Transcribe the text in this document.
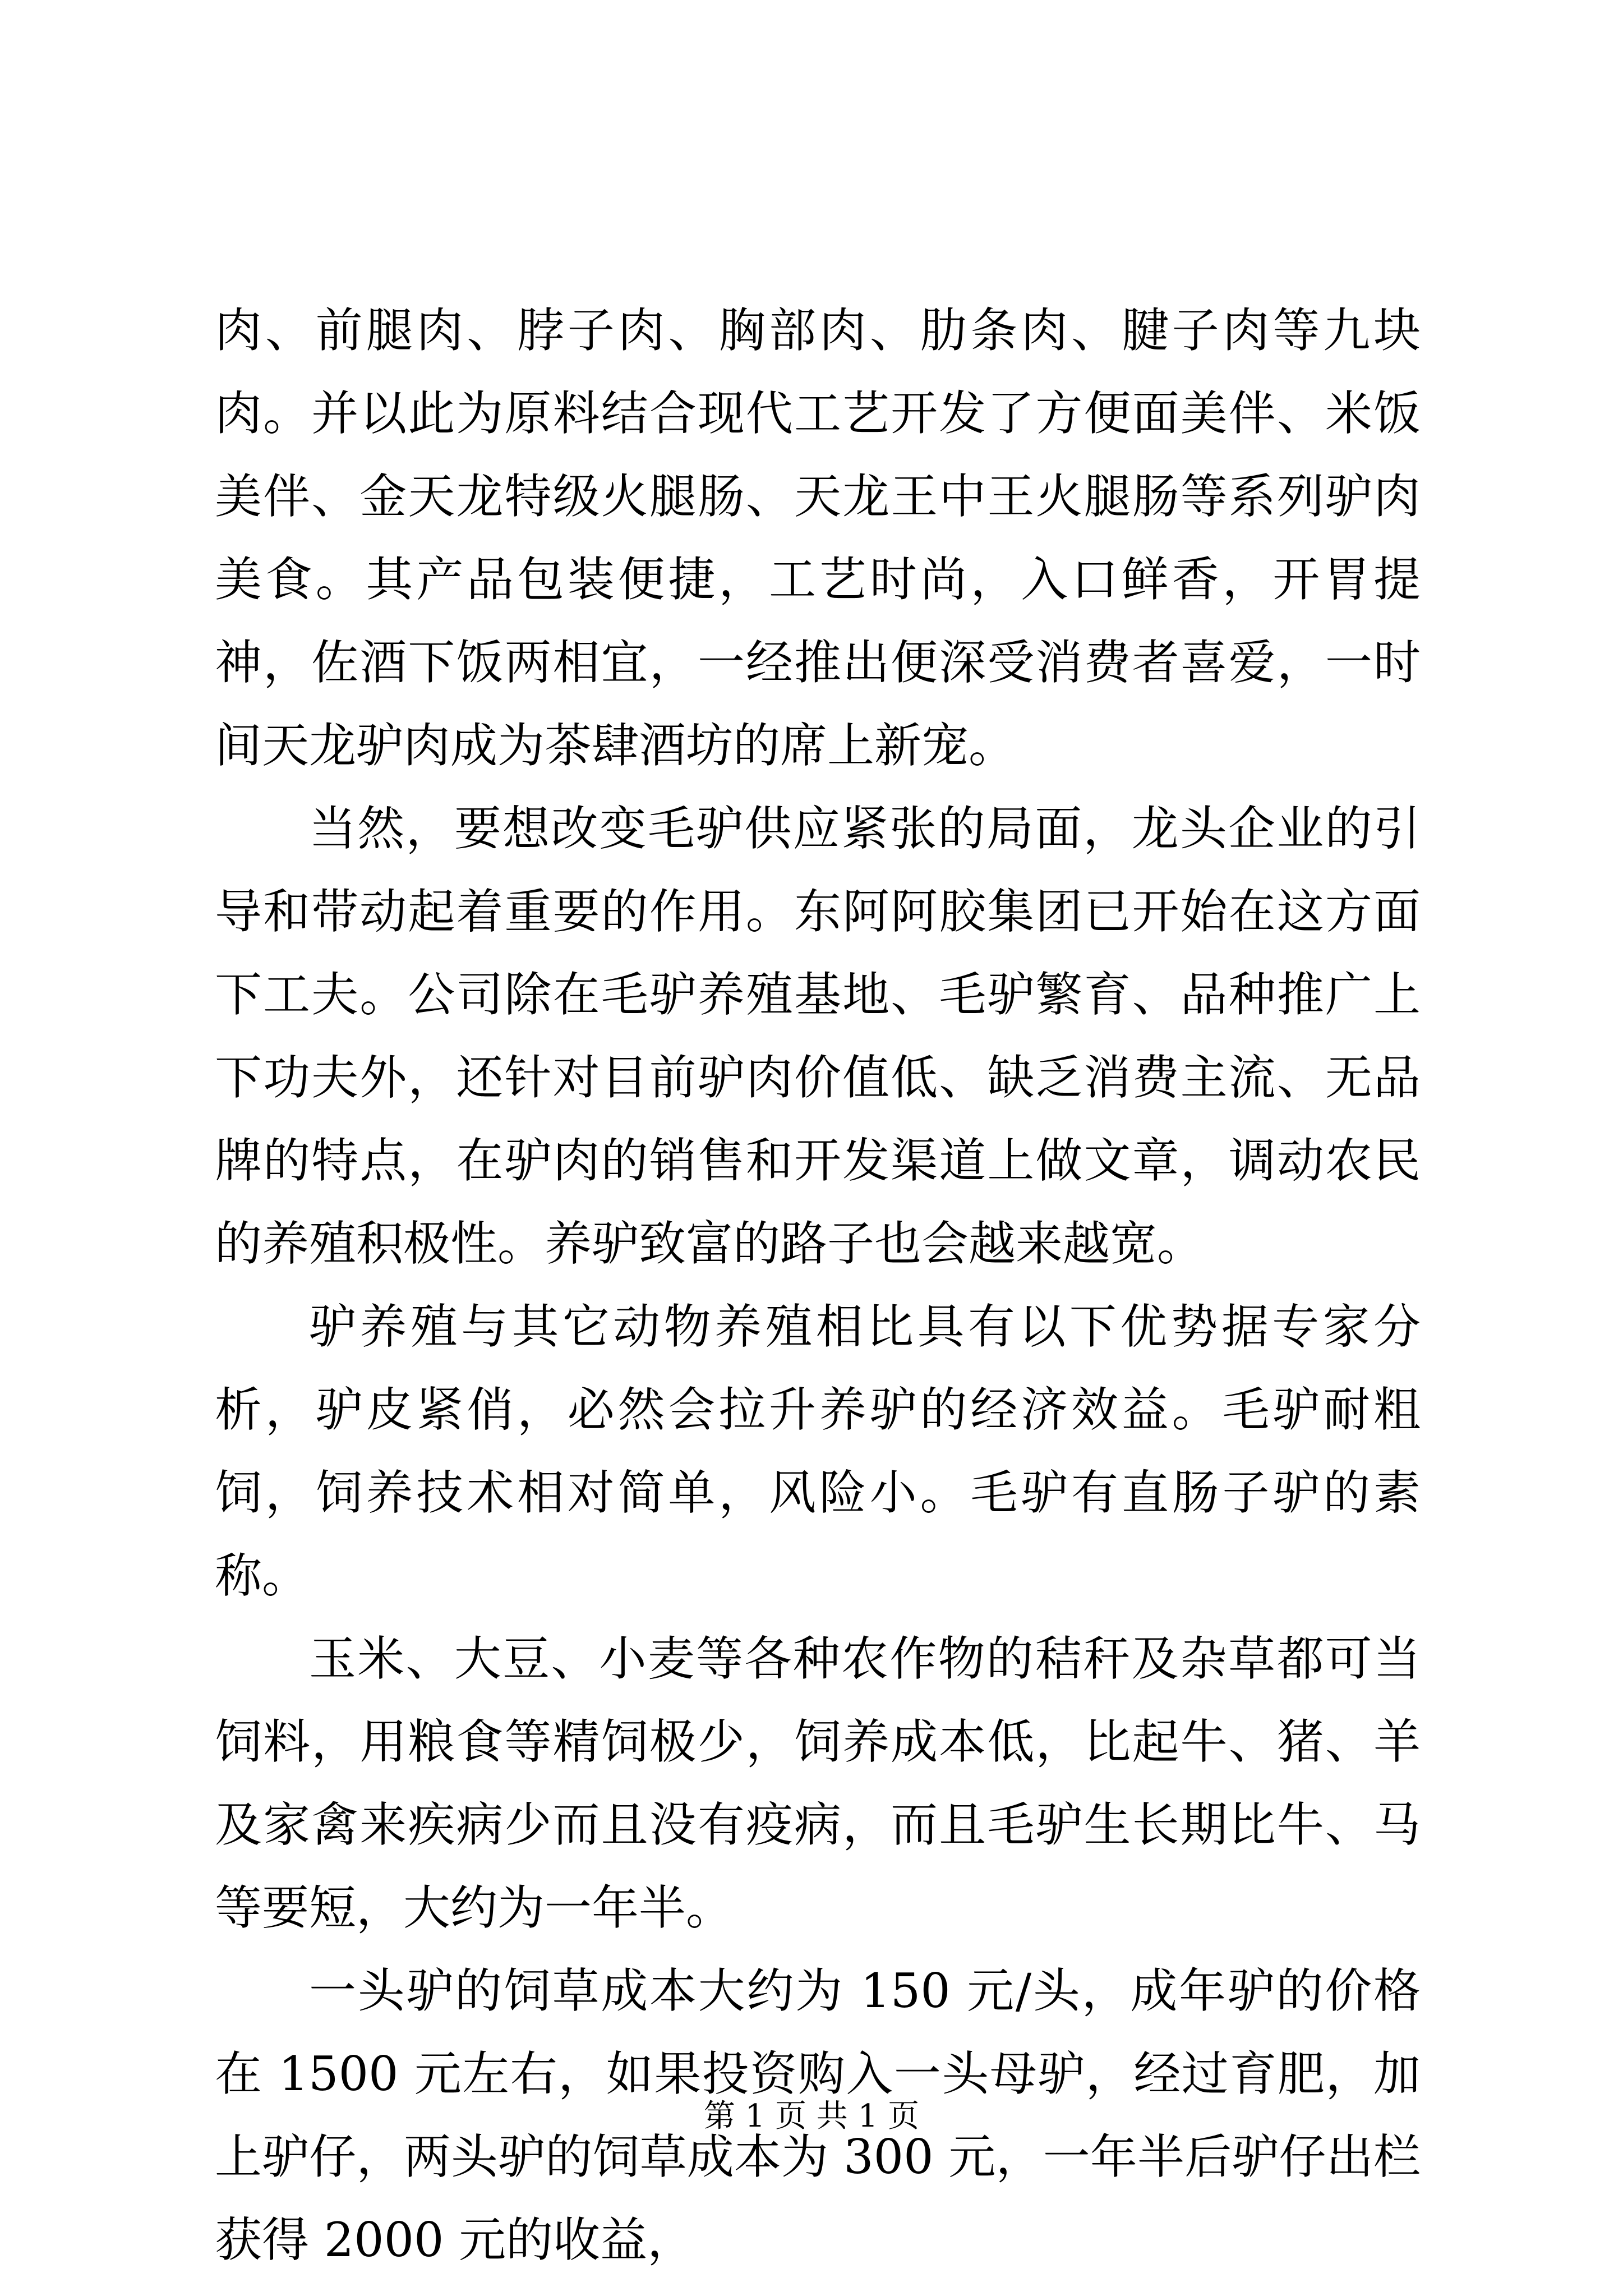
肉、前腿肉、脖子肉、胸部肉、肋条肉、腱子肉等九块肉。并以此为原料结合现代工艺开发了方便面美伴、米饭美伴、金天龙特级火腿肠、天龙王中王火腿肠等系列驴肉美食。其产品包装便捷，工艺时尚，入口鲜香，开胃提神，佐酒下饭两相宜，一经推出便深受消费者喜爱，一时间天龙驴肉成为茶肆酒坊的席上新宠。

当然，要想改变毛驴供应紧张的局面，龙头企业的引导和带动起着重要的作用。东阿阿胶集团已开始在这方面下工夫。公司除在毛驴养殖基地、毛驴繁育、品种推广上下功夫外，还针对目前驴肉价值低、缺乏消费主流、无品牌的特点，在驴肉的销售和开发渠道上做文章，调动农民的养殖积极性。养驴致富的路子也会越来越宽。

驴养殖与其它动物养殖相比具有以下优势据专家分析，驴皮紧俏，必然会拉升养驴的经济效益。毛驴耐粗饲，饲养技术相对简单，风险小。毛驴有直肠子驴的素称。

玉米、大豆、小麦等各种农作物的秸秆及杂草都可当饲料，用粮食等精饲极少，饲养成本低，比起牛、猪、羊及家禽来疾病少而且没有疫病，而且毛驴生长期比牛、马等要短，大约为一年半。

一头驴的饲草成本大约为 150 元/头，成年驴的价格在 1500 元左右，如果投资购入一头母驴，经过育肥，加上驴仔，两头驴的饲草成本为 300 元，一年半后驴仔出栏获得 2000 元的收益，

第 1 页 共 1 页
